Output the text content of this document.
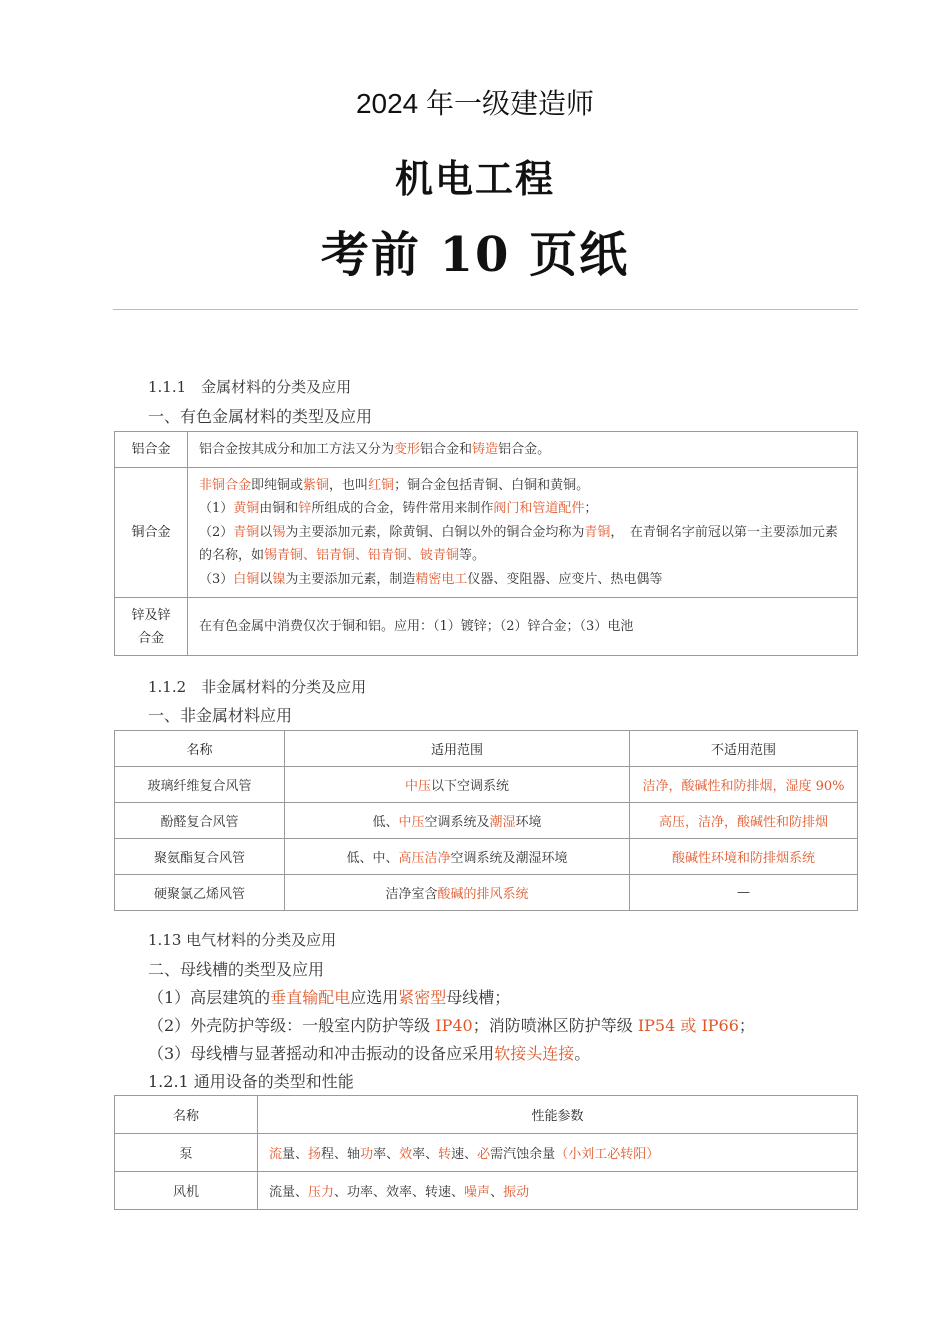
2024 年一级建造师
机电工程
考前 10 页纸
1.1.1　金属材料的分类及应用
一、有色金属材料的类型及应用
铝合金	铝合金按其成分和加工方法又分为变形铝合金和铸造铝合金。
铜合金	非铜合金即纯铜或紫铜，也叫红铜；铜合金包括青铜、白铜和黄铜。
（1）黄铜由铜和锌所组成的合金，铸件常用来制作阀门和管道配件；
（2）青铜以锡为主要添加元素，除黄铜、白铜以外的铜合金均称为青铜，　在青铜名字前冠以第一主要添加元素的名称，如锡青铜、铝青铜、铅青铜、铍青铜等。
（3）白铜以镍为主要添加元素，制造精密电工仪器、变阻器、应变片、热电偶等

锌及锌
合金	在有色金属中消费仅次于铜和铝。应用：（1）镀锌；（2）锌合金；（3）电池
1.1.2　非金属材料的分类及应用
一、非金属材料应用
名称	适用范围	不适用范围
玻璃纤维复合风管	中压以下空调系统	洁净，酸碱性和防排烟，湿度 90%
酚醛复合风管	低、中压空调系统及潮湿环境	高压，洁净，酸碱性和防排烟
聚氨酯复合风管	低、中、高压洁净空调系统及潮湿环境	酸碱性环境和防排烟系统
硬聚氯乙烯风管	洁净室含酸碱的排风系统	—
1.13 电气材料的分类及应用
二、母线槽的类型及应用
（1）高层建筑的垂直输配电应选用紧密型母线槽；
（2）外壳防护等级：一般室内防护等级 IP40；消防喷淋区防护等级 IP54 或 IP66；
（3）母线槽与显著摇动和冲击振动的设备应采用软接头连接。
1.2.1 通用设备的类型和性能
名称	性能参数
泵	流量、扬程、轴功率、效率、转速、必需汽蚀余量（小刘工必转阳）
风机	流量、压力、功率、效率、转速、噪声、振动
